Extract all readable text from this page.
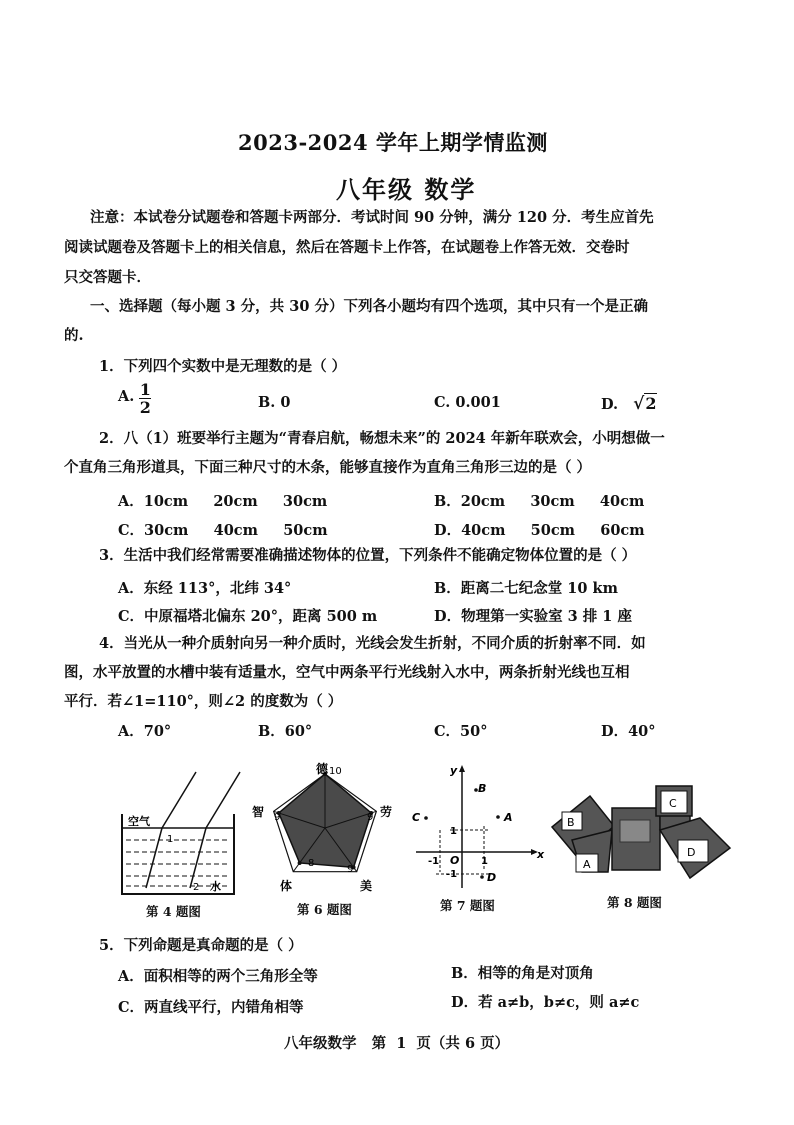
2023-2024 学年上期学情监测
八年级 数学
注意：本试卷分试题卷和答题卡两部分．考试时间 90 分钟，满分 120 分．考生应首先
阅读试题卷及答题卡上的相关信息，然后在答题卡上作答，在试题卷上作答无效．交卷时
只交答题卡．
一、选择题（每小题 3 分，共 30 分）下列各小题均有四个选项，其中只有一个是正确
的.
1．下列四个实数中是无理数的是（ ）
A. $\frac{1}{2}$	B. 0	C. 0.001	D. √2
2．八（1）班要举行主题为“青春启航，畅想未来”的 2024 年新年联欢会，小明想做一
个直角三角形道具，下面三种尺寸的木条，能够直接作为直角三角形三边的是（ ）
A．10cm     20cm     30cm	B．20cm     30cm     40cm
C．30cm     40cm     50cm	D．40cm     50cm     60cm
3．生活中我们经常需要准确描述物体的位置，下列条件不能确定物体位置的是（ ）
A．东经 113°，北纬 34°	B．距离二七纪念堂 10 km
C．中原福塔北偏东 20°，距离 500 m	D．物理第一实验室 3 排 1 座
4．当光从一种介质射向另一种介质时，光线会发生折射，不同介质的折射率不同．如
图，水平放置的水槽中装有适量水，空气中两条平行光线射入水中，两条折射光线也互相
平行．若∠1=110°，则∠2 的度数为（ ）
A．70°	B．60°	C．50°	D．40°
空气
1
2 水
第 4 题图
德
劳
美
体
智
10
9
9
8
9
第 6 题图
x
y
O
1
-1
1
-1
A
B
C
D
第 7 题图
A
B
C
D
第 8 题图
5．下列命题是真命题的是（ ）
A．面积相等的两个三角形全等	B．相等的角是对顶角
C．两直线平行，内错角相等	D．若 a≠b，b≠c，则 a≠c
八年级数学   第  1  页（共 6 页）
